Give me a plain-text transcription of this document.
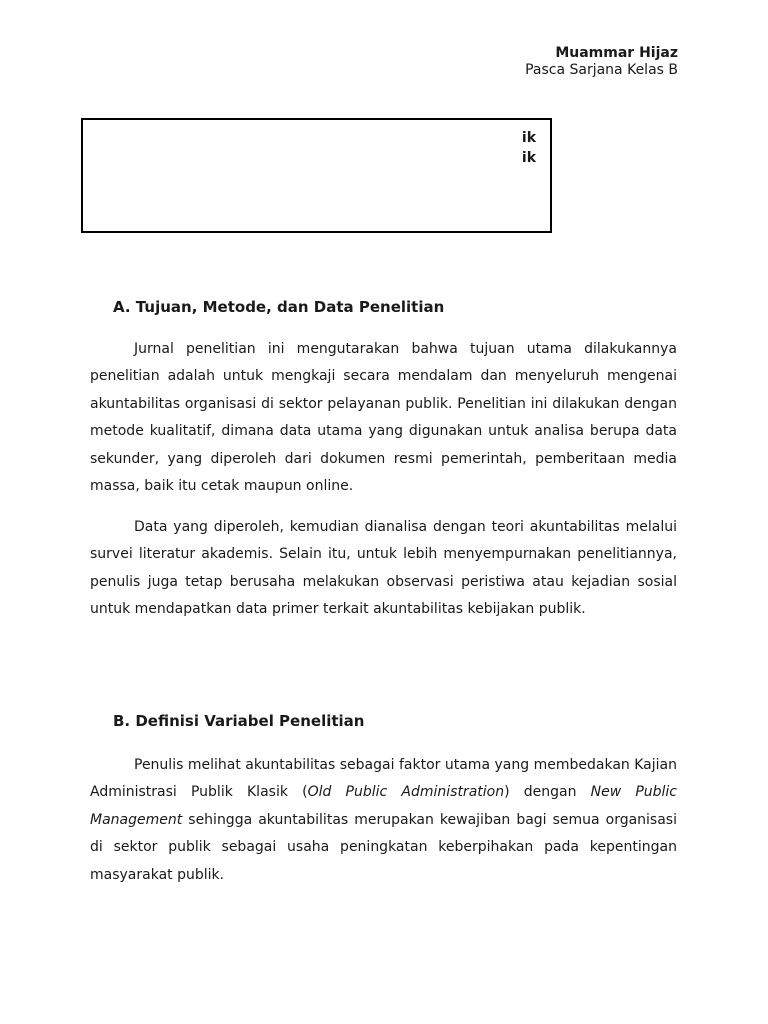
Muammar Hijaz
Pasca Sarjana Kelas B
ik
ik
A. Tujuan, Metode, dan Data Penelitian

Jurnal penelitian ini mengutarakan bahwa tujuan utama dilakukannya penelitian adalah untuk mengkaji secara mendalam dan menyeluruh mengenai akuntabilitas organisasi di sektor pelayanan publik. Penelitian ini dilakukan dengan metode kualitatif, dimana data utama yang digunakan untuk analisa berupa data sekunder, yang diperoleh dari dokumen resmi pemerintah, pemberitaan media massa, baik itu cetak maupun online.

Data yang diperoleh, kemudian dianalisa dengan teori akuntabilitas melalui survei literatur akademis. Selain itu, untuk lebih menyempurnakan penelitiannya, penulis juga tetap berusaha melakukan observasi peristiwa atau kejadian sosial untuk mendapatkan data primer terkait akuntabilitas kebijakan publik.

B. Definisi Variabel Penelitian

Penulis melihat akuntabilitas sebagai faktor utama yang membedakan Kajian Administrasi Publik Klasik (Old Public Administration) dengan New Public Management sehingga akuntabilitas merupakan kewajiban bagi semua organisasi di sektor publik sebagai usaha peningkatan keberpihakan pada kepentingan masyarakat publik.
